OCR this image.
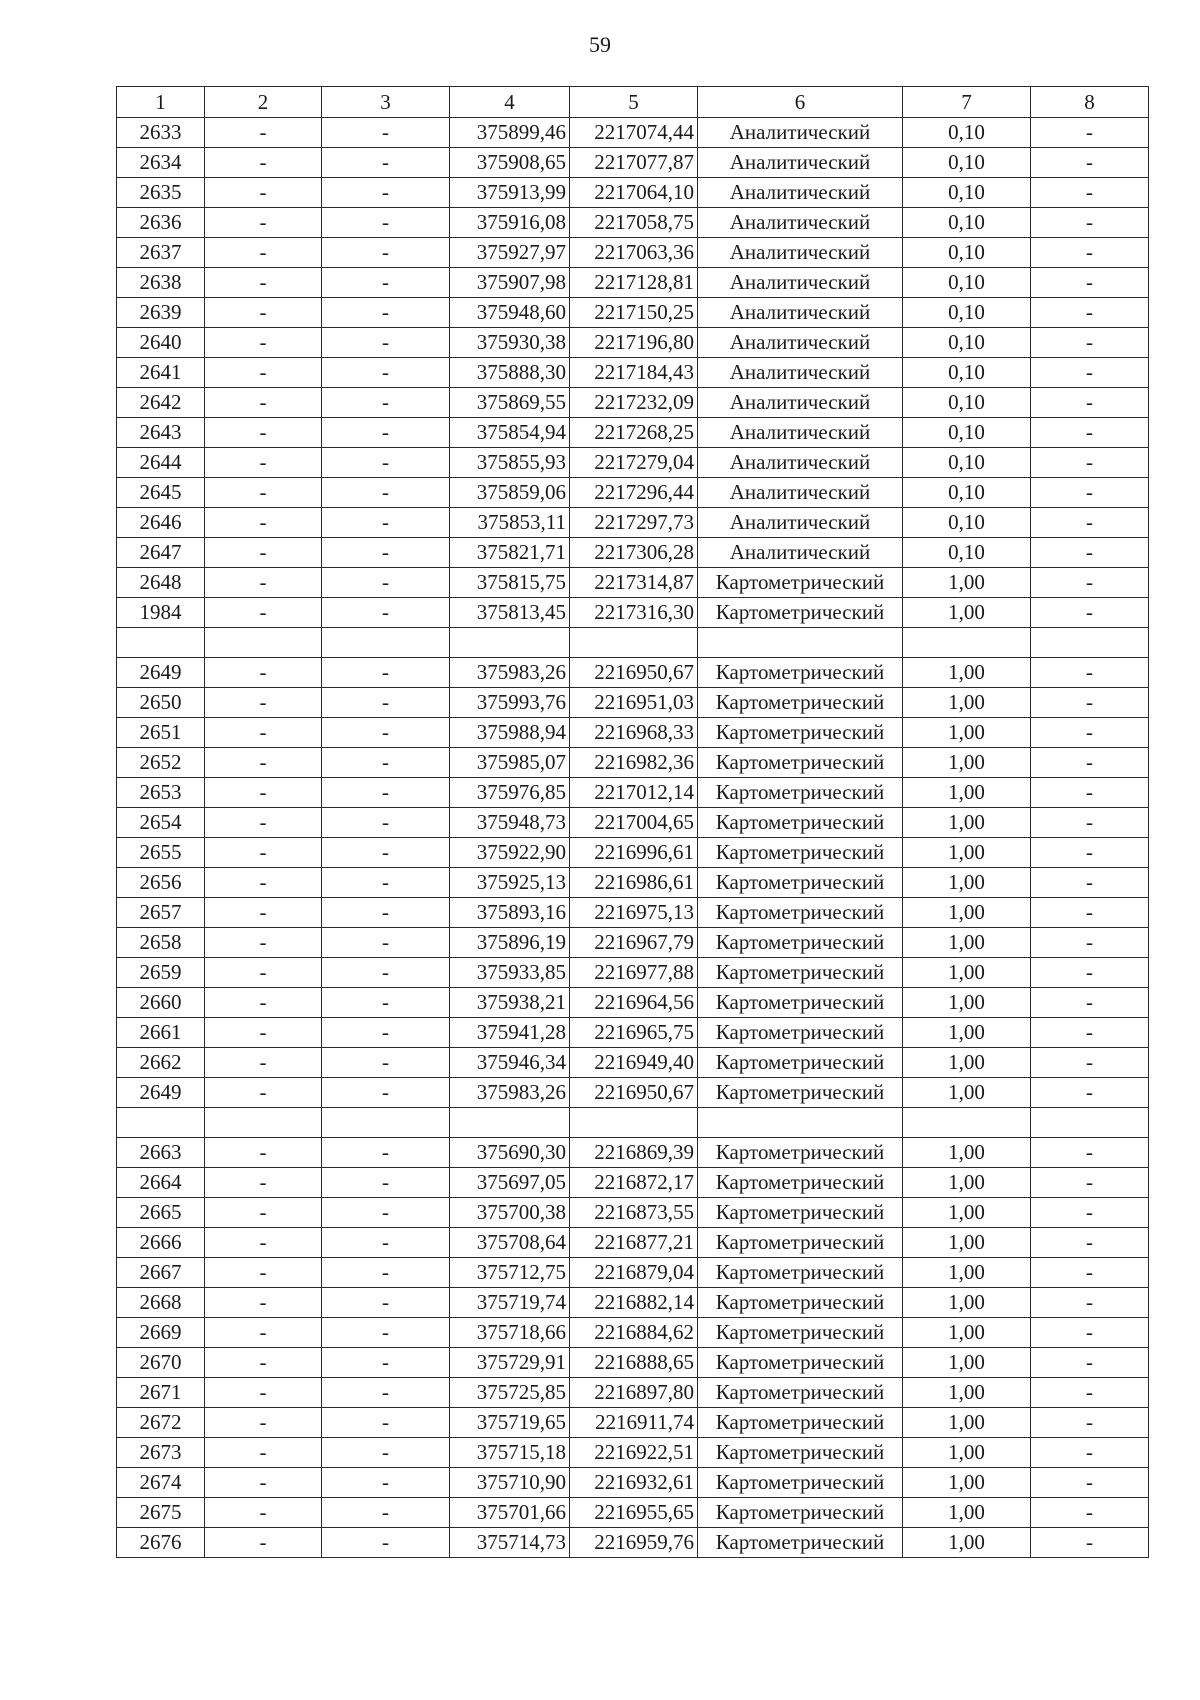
59
1	2	3	4	5	6	7	8
2633	-	-	375899,46	2217074,44	Аналитический	0,10	-
2634	-	-	375908,65	2217077,87	Аналитический	0,10	-
2635	-	-	375913,99	2217064,10	Аналитический	0,10	-
2636	-	-	375916,08	2217058,75	Аналитический	0,10	-
2637	-	-	375927,97	2217063,36	Аналитический	0,10	-
2638	-	-	375907,98	2217128,81	Аналитический	0,10	-
2639	-	-	375948,60	2217150,25	Аналитический	0,10	-
2640	-	-	375930,38	2217196,80	Аналитический	0,10	-
2641	-	-	375888,30	2217184,43	Аналитический	0,10	-
2642	-	-	375869,55	2217232,09	Аналитический	0,10	-
2643	-	-	375854,94	2217268,25	Аналитический	0,10	-
2644	-	-	375855,93	2217279,04	Аналитический	0,10	-
2645	-	-	375859,06	2217296,44	Аналитический	0,10	-
2646	-	-	375853,11	2217297,73	Аналитический	0,10	-
2647	-	-	375821,71	2217306,28	Аналитический	0,10	-
2648	-	-	375815,75	2217314,87	Картометрический	1,00	-
1984	-	-	375813,45	2217316,30	Картометрический	1,00	-

2649	-	-	375983,26	2216950,67	Картометрический	1,00	-
2650	-	-	375993,76	2216951,03	Картометрический	1,00	-
2651	-	-	375988,94	2216968,33	Картометрический	1,00	-
2652	-	-	375985,07	2216982,36	Картометрический	1,00	-
2653	-	-	375976,85	2217012,14	Картометрический	1,00	-
2654	-	-	375948,73	2217004,65	Картометрический	1,00	-
2655	-	-	375922,90	2216996,61	Картометрический	1,00	-
2656	-	-	375925,13	2216986,61	Картометрический	1,00	-
2657	-	-	375893,16	2216975,13	Картометрический	1,00	-
2658	-	-	375896,19	2216967,79	Картометрический	1,00	-
2659	-	-	375933,85	2216977,88	Картометрический	1,00	-
2660	-	-	375938,21	2216964,56	Картометрический	1,00	-
2661	-	-	375941,28	2216965,75	Картометрический	1,00	-
2662	-	-	375946,34	2216949,40	Картометрический	1,00	-
2649	-	-	375983,26	2216950,67	Картометрический	1,00	-

2663	-	-	375690,30	2216869,39	Картометрический	1,00	-
2664	-	-	375697,05	2216872,17	Картометрический	1,00	-
2665	-	-	375700,38	2216873,55	Картометрический	1,00	-
2666	-	-	375708,64	2216877,21	Картометрический	1,00	-
2667	-	-	375712,75	2216879,04	Картометрический	1,00	-
2668	-	-	375719,74	2216882,14	Картометрический	1,00	-
2669	-	-	375718,66	2216884,62	Картометрический	1,00	-
2670	-	-	375729,91	2216888,65	Картометрический	1,00	-
2671	-	-	375725,85	2216897,80	Картометрический	1,00	-
2672	-	-	375719,65	2216911,74	Картометрический	1,00	-
2673	-	-	375715,18	2216922,51	Картометрический	1,00	-
2674	-	-	375710,90	2216932,61	Картометрический	1,00	-
2675	-	-	375701,66	2216955,65	Картометрический	1,00	-
2676	-	-	375714,73	2216959,76	Картометрический	1,00	-
